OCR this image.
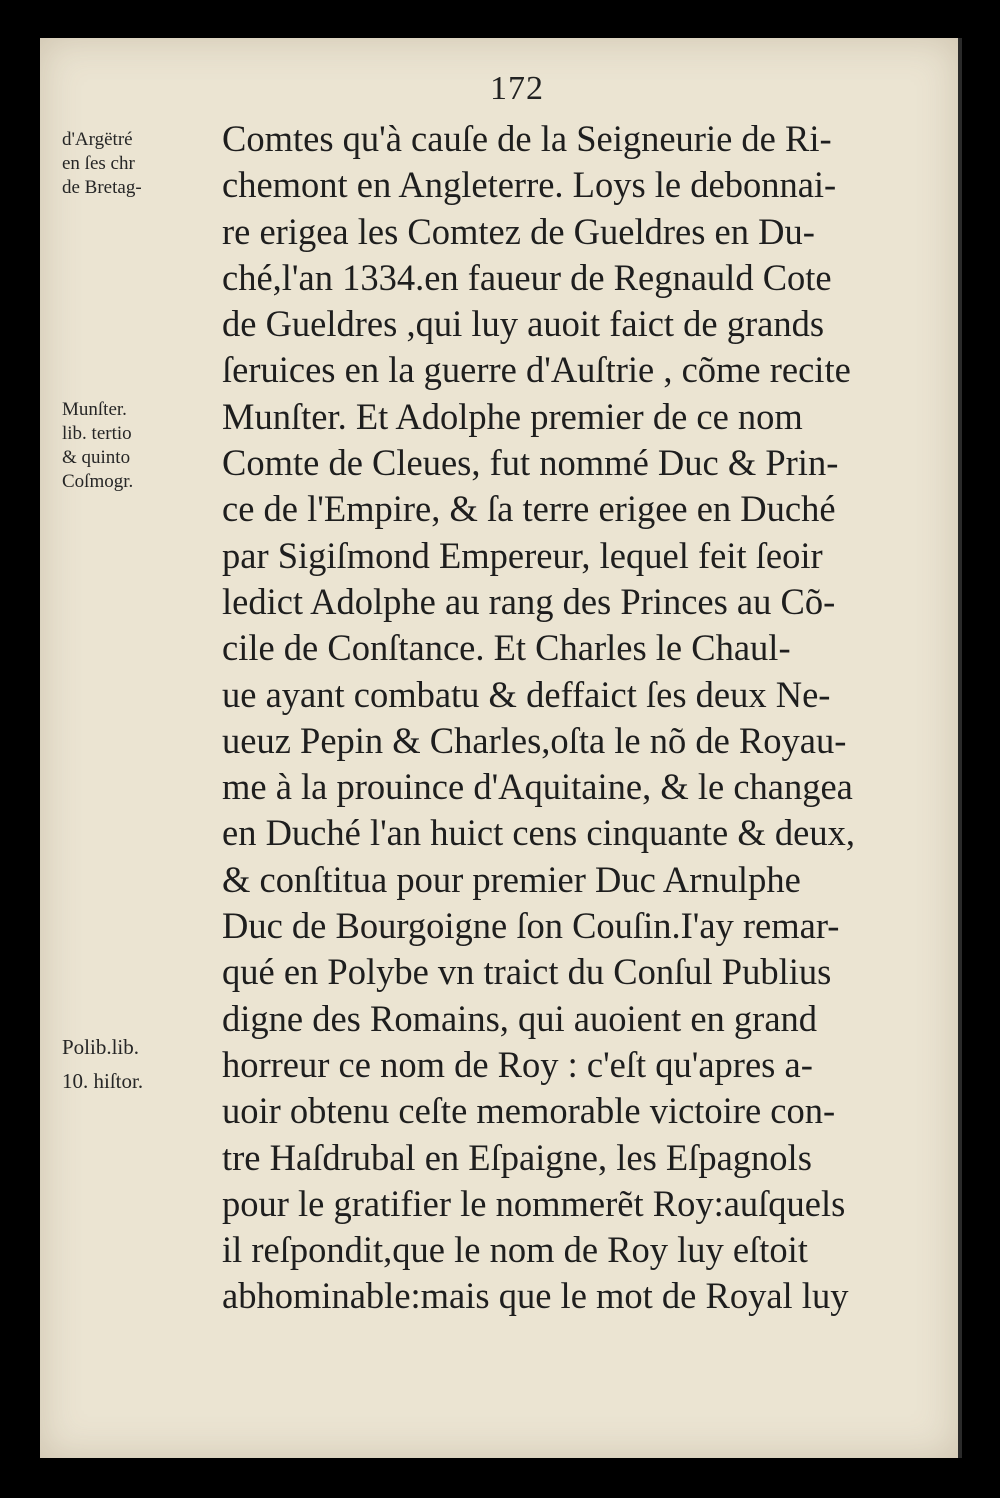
172
d'Argëtré
en ſes chr
de Bretag-
Munſter.
lib. tertio
& quinto
Coſmogr.
Polib.lib.
10. hiſtor.
Comtes qu'à cauſe de la Seigneurie de Ri-
chemont en Angleterre. Loys le debonnai-
re erigea les Comtez de Gueldres en Du-
ché,l'an 1334.en faueur de Regnauld Cote
de Gueldres ,qui luy auoit faict de grands
ſeruices en la guerre d'Auſtrie , cõme recite
Munſter. Et Adolphe premier de ce nom
Comte de Cleues, fut nommé Duc & Prin-
ce de l'Empire, & ſa terre erigee en Duché
par Sigiſmond Empereur, lequel feit ſeoir
ledict Adolphe au rang des Princes au Cõ-
cile de Conſtance. Et Charles le Chaul-
ue ayant combatu & deffaict ſes deux Ne-
ueuz Pepin & Charles,oſta le nõ de Royau-
me à la prouince d'Aquitaine, & le changea
en Duché l'an huict cens cinquante & deux,
& conſtitua pour premier Duc Arnulphe
Duc de Bourgoigne ſon Couſin.I'ay remar-
qué en Polybe vn traict du Conſul Publius
digne des Romains, qui auoient en grand
horreur ce nom de Roy : c'eſt qu'apres a-
uoir obtenu ceſte memorable victoire con-
tre Haſdrubal en Eſpaigne, les Eſpagnols
pour le gratifier le nommerẽt Roy:auſquels
il reſpondit,que le nom de Roy luy eſtoit
abhominable:mais que le mot de Royal luy
